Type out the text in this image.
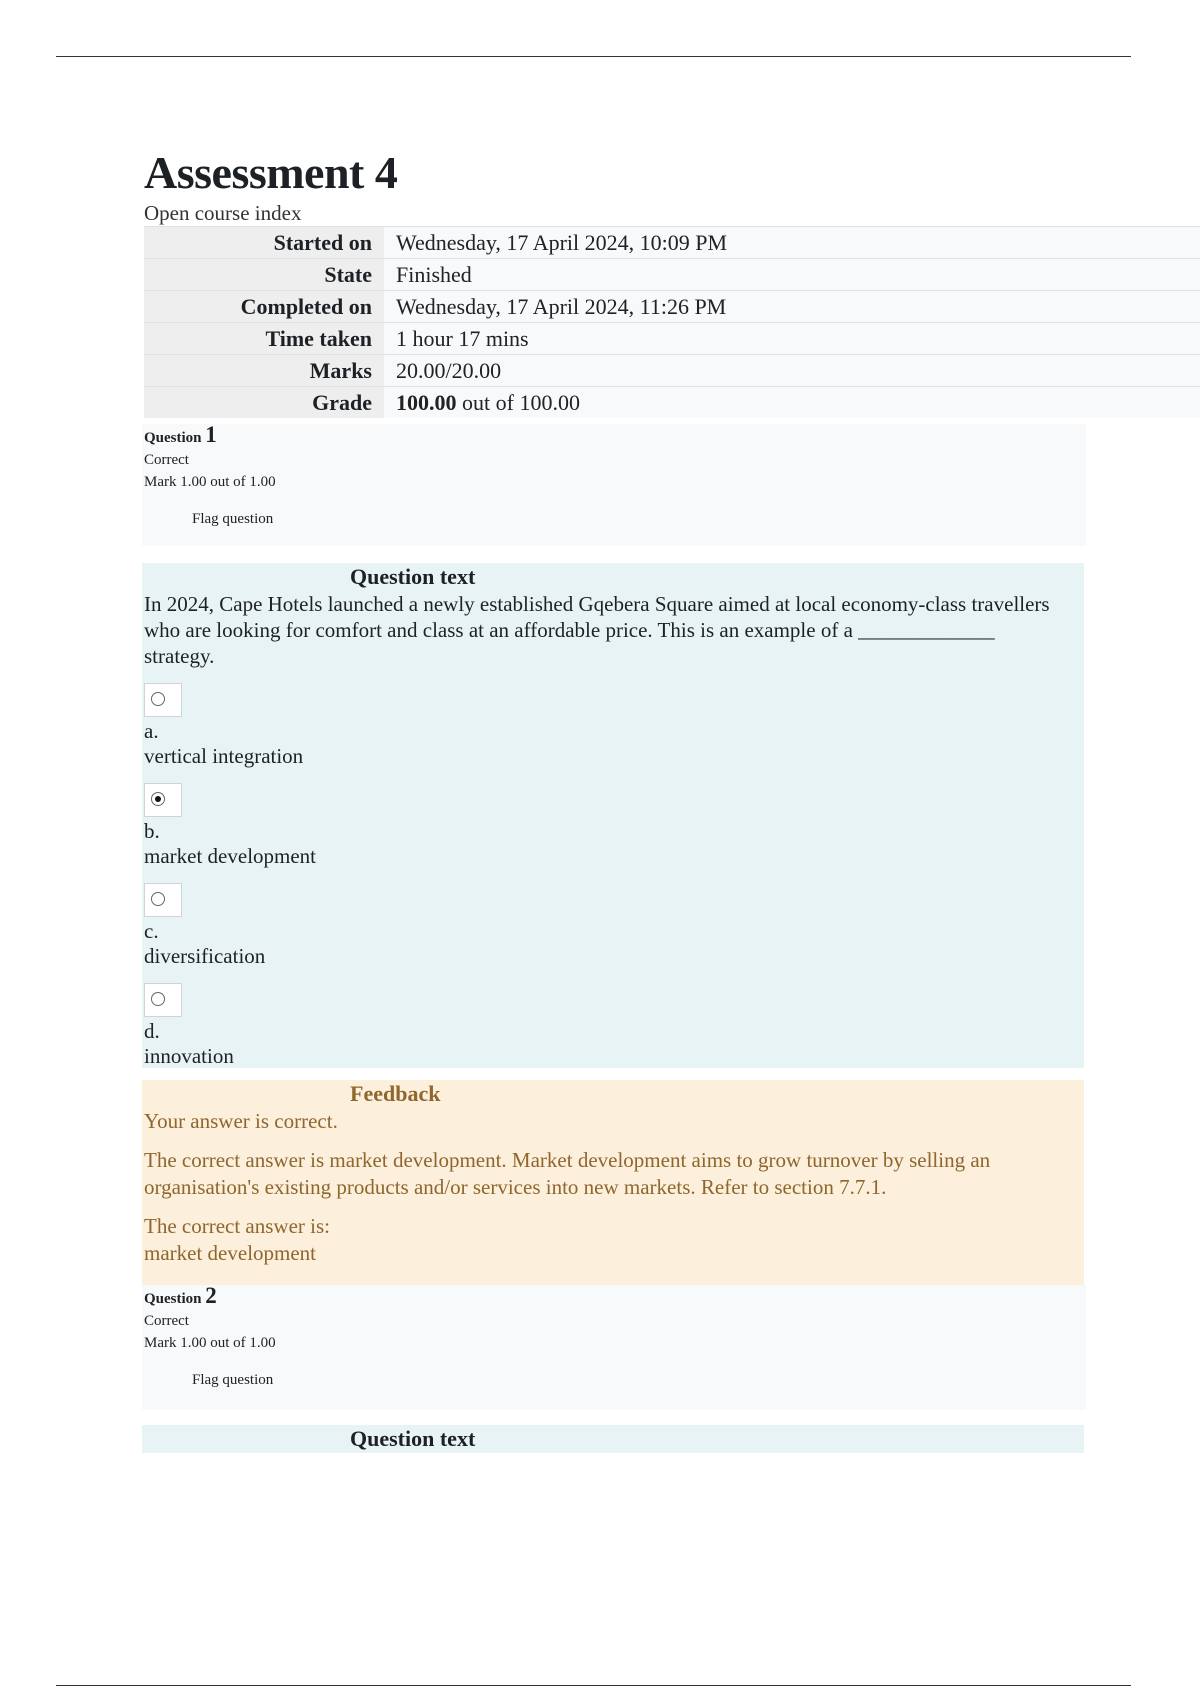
Assessment 4
Open course index
Started on	Wednesday, 17 April 2024, 10:09 PM
State	Finished
Completed on	Wednesday, 17 April 2024, 11:26 PM
Time taken	1 hour 17 mins
Marks	20.00/20.00
Grade	100.00 out of 100.00
Question 1
Correct
Mark 1.00 out of 1.00
Flag question
Question text
In 2024, Cape Hotels launched a newly established Gqebera Square aimed at local economy-class travellers who are looking for comfort and class at an affordable price. This is an example of a _____________ strategy.
a.
vertical integration
b.
market development
c.
diversification
d.
innovation
Feedback

Your answer is correct.

The correct answer is market development. Market development aims to grow turnover by selling an organisation's existing products and/or services into new markets. Refer to section 7.7.1.

The correct answer is:
market development

Question 2
Correct
Mark 1.00 out of 1.00
Flag question
Question text
